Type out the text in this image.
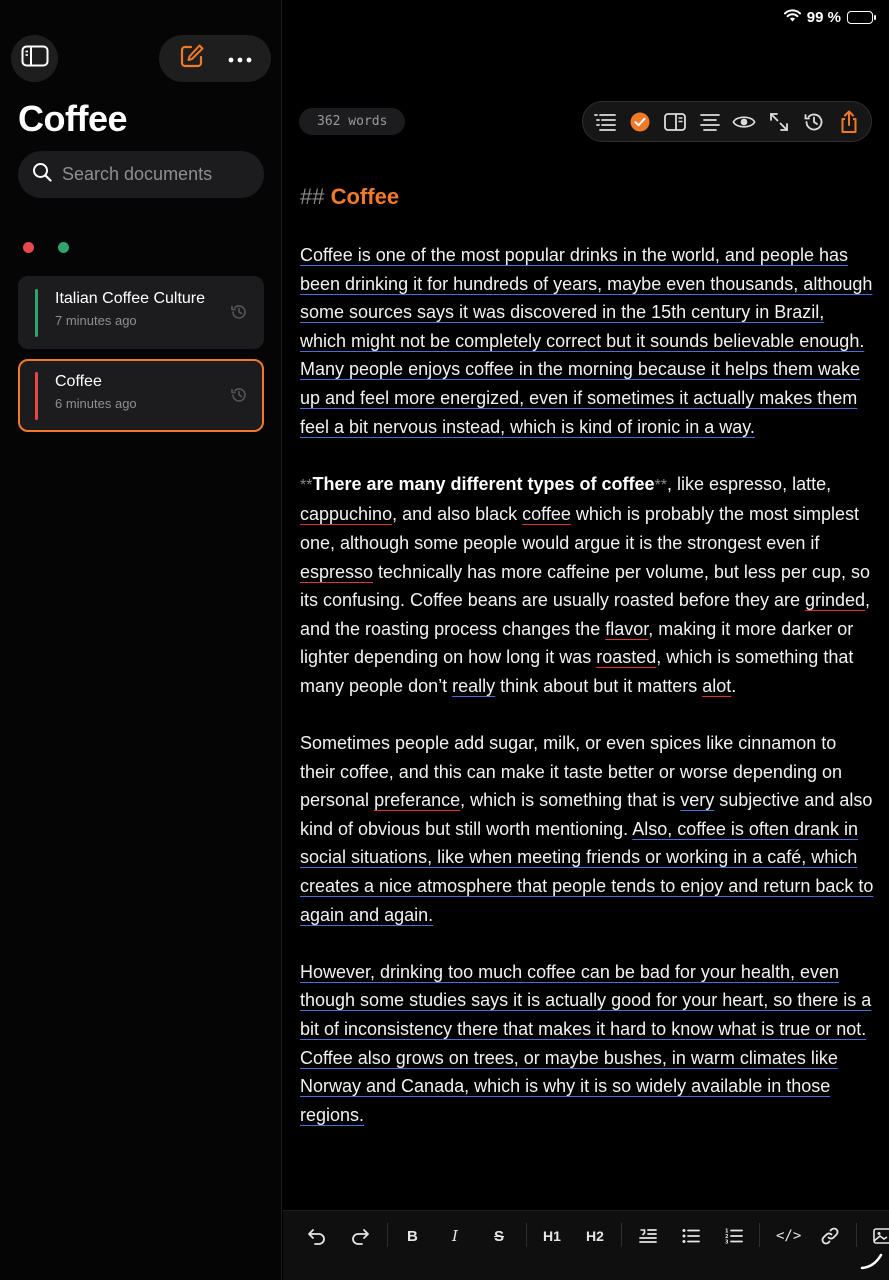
99 %
Coffee
Search documents
Italian Coffee Culture
7 minutes ago
Coffee
6 minutes ago
362 words
## Coffee

Coffee is one of the most popular drinks in the world, and people has been drinking it for hundreds of years, maybe even thousands, although some sources says it was discovered in the 15th century in Brazil, which might not be completely correct but it sounds believable enough. Many people enjoys coffee in the morning because it helps them wake up and feel more energized, even if sometimes it actually makes them feel a bit nervous instead, which is kind of ironic in a way.

**There are many different types of coffee**, like espresso, latte, cappuchino, and also black coffee which is probably the most simplest one, although some people would argue it is the strongest even if espresso technically has more caffeine per volume, but less per cup, so its confusing. Coffee beans are usually roasted before they are grinded, and the roasting process changes the flavor, making it more darker or lighter depending on how long it was roasted, which is something that many people don’t really think about but it matters alot.

Sometimes people add sugar, milk, or even spices like cinnamon to their coffee, and this can make it taste better or worse depending on personal preferance, which is something that is very subjective and also kind of obvious but still worth mentioning. Also, coffee is often drank in social situations, like when meeting friends or working in a café, which creates a nice atmosphere that people tends to enjoy and return back to again and again.

However, drinking too much coffee can be bad for your health, even though some studies says it is actually good for your heart, so there is a bit of inconsistency there that makes it hard to know what is true or not. Coffee also grows on trees, or maybe bushes, in warm climates like Norway and Canada, which is why it is so widely available in those regions.

B I S	H1 H2	1
2
3	</>
